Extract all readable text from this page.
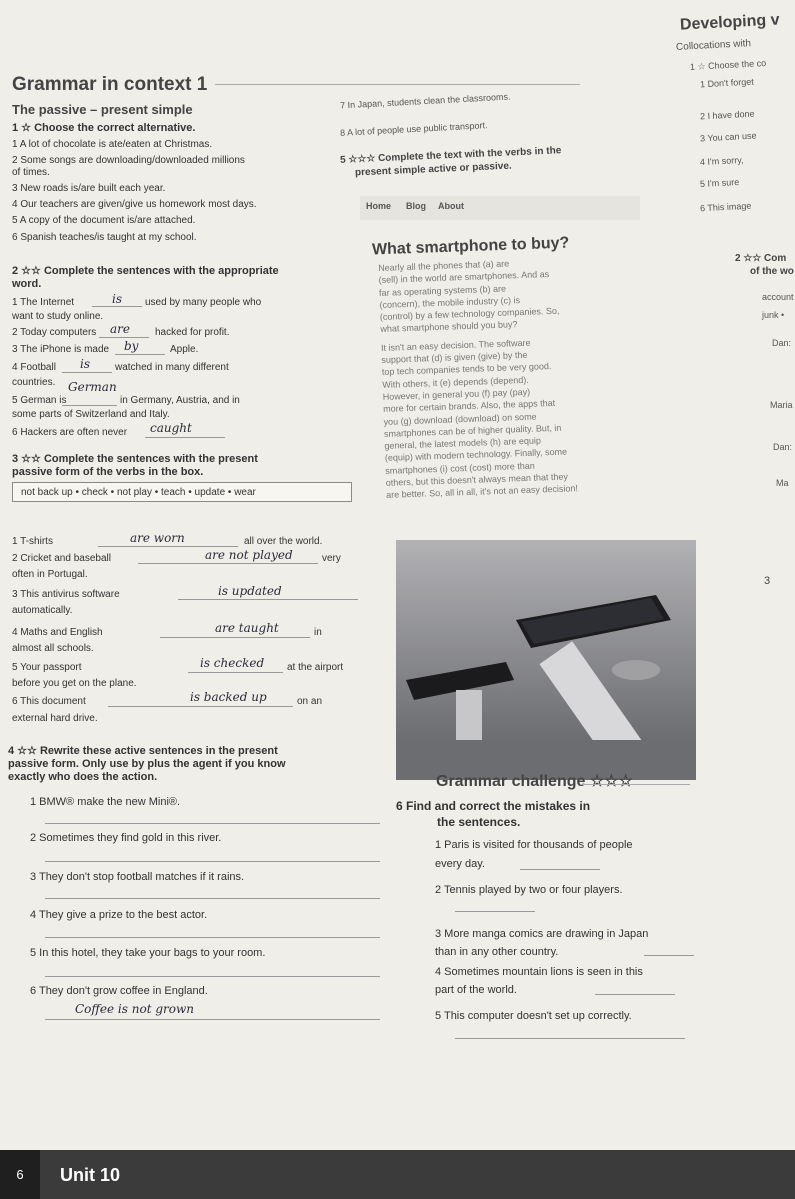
Developing v
Collocations with
Grammar in context 1
The passive – present simple
1 ☆ Choose the correct alternative.
1 A lot of chocolate is ate/eaten at Christmas.
2 Some songs are downloading/downloaded millions
of times.
3 New roads is/are built each year.
4 Our teachers are given/give us homework most days.
5 A copy of the document is/are attached.
6 Spanish teaches/is taught at my school.
7 In Japan, students clean the classrooms.
8 A lot of people use public transport.
5 ☆☆☆ Complete the text with the verbs in the
present simple active or passive.
Home Blog About
2 ☆☆ Complete the sentences with the appropriate
word.
1 The Internet	is used by many people who
want to study online.
2 Today computers are	hacked for profit.
3 The iPhone is made by	Apple.
4 Football is	watched in many different
countries. German
5 German is	in Germany, Austria, and in
some parts of Switzerland and Italy.
6 Hackers are often never caught
3 ☆☆ Complete the sentences with the present
passive form of the verbs in the box.
not back up • check • not play • teach • update • wear
1 T-shirts	are worn	all over the world.
2 Cricket and baseball	are not played	very
often in Portugal.
3 This antivirus software	is updated
automatically.
4 Maths and English	are taught	in
almost all schools.
5 Your passport	is checked at the airport
before you get on the plane.
6 This document	is backed up	on an
external hard drive.
4 ☆☆ Rewrite these active sentences in the present
passive form. Only use by plus the agent if you know
exactly who does the action.
1 BMW® make the new Mini®.
2 Sometimes they find gold in this river.
3 They don't stop football matches if it rains.
4 They give a prize to the best actor.
5 In this hotel, they take your bags to your room.
6 They don't grow coffee in England.
Coffee is not grown
What smartphone to buy?
Nearly all the phones that (a) are
(sell) in the world are smartphones. And as
far as operating systems (b) are
(concern), the mobile industry (c) is
(control) by a few technology companies. So,
what smartphone should you buy?
It isn't an easy decision. The software
support that (d) is given (give) by the
top tech companies tends to be very good.
With others, it (e) depends (depend).
However, in general you (f) pay (pay)
more for certain brands. Also, the apps that
you (g) download (download) on some
smartphones can be of higher quality. But, in
general, the latest models (h) are equip
(equip) with modern technology. Finally, some
smartphones (i) cost (cost) more than
others, but this doesn't always mean that they
are better. So, all in all, it's not an easy decision!
Grammar challenge ☆☆☆
6 Find and correct the mistakes in
the sentences.
1 Paris is visited for thousands of people
every day.
2 Tennis played by two or four players.
3 More manga comics are drawing in Japan
than in any other country.
4 Sometimes mountain lions is seen in this
part of the world.
5 This computer doesn't set up correctly.
1 ☆ Choose the co
1 Don't forget
2 I have done
3 You can use
4 I'm sorry,
5 I'm sure
6 This image
2 ☆☆ Com
of the wo
account
junk •
Dan:
Maria
Dan:
Ma
3
6	Unit 10
